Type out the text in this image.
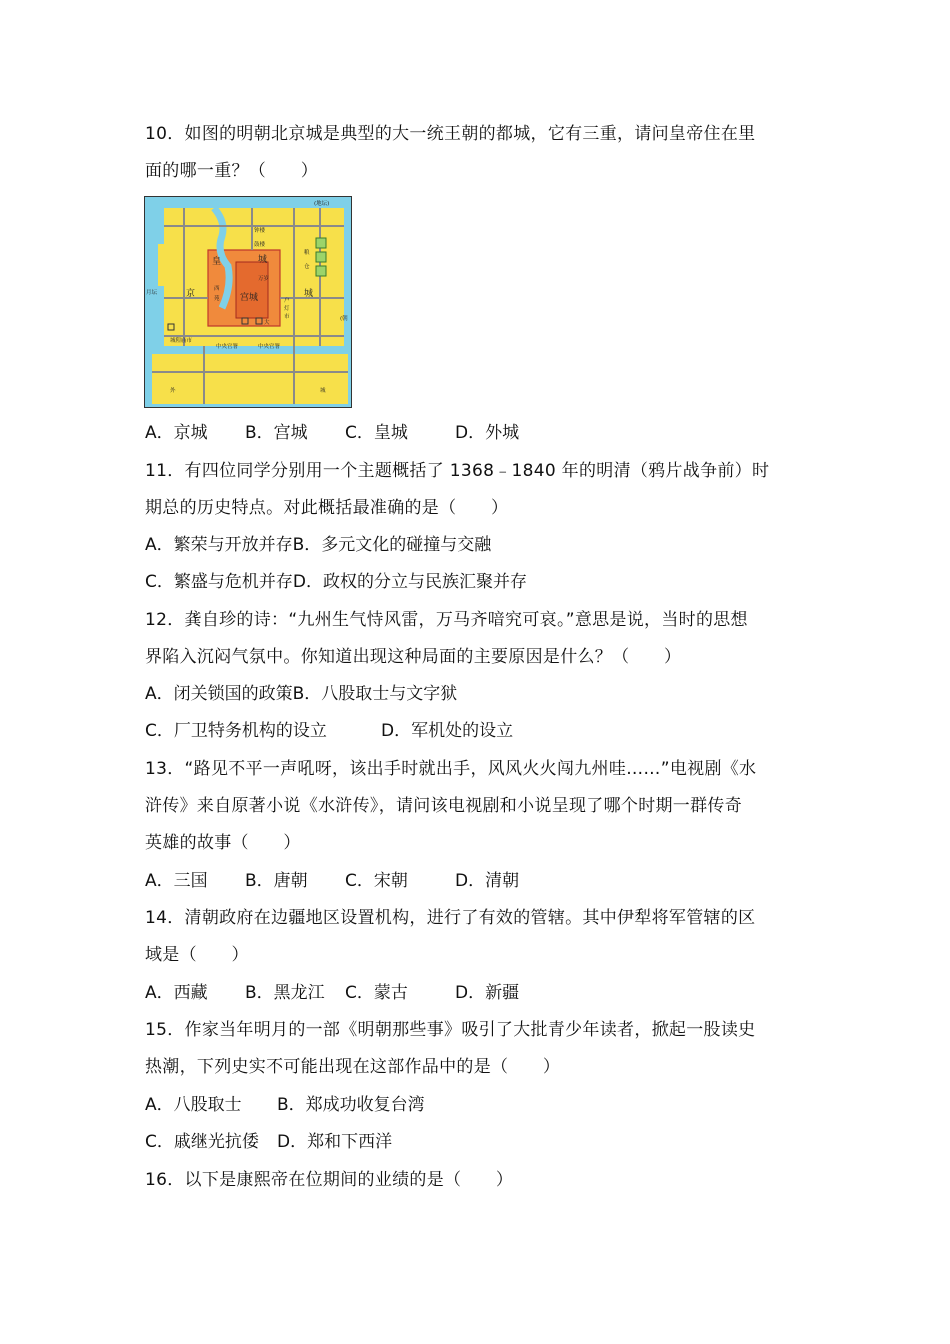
10．如图的明朝北京城是典型的大一统王朝的都城，它有三重，请问皇帝住在里
面的哪一重？（　　）
(地坛)
钟楼
鼓楼
粮
仓
皇	城
京	城
西
苑 宫城
万岁
月坛
户
灯
市	(朝
大
城隍庙市
中央官署	中央官署
外	城
A．京城 B．宫城 C．皇城	D．外城
11．有四位同学分别用一个主题概括了 1368﹣1840 年的明清（鸦片战争前）时
期总的历史特点。对此概括最准确的是（　　）
A．繁荣与开放并存B．多元文化的碰撞与交融
C．繁盛与危机并存D．政权的分立与民族汇聚并存
12．龚自珍的诗：“九州生气恃风雷，万马齐喑究可哀。”意思是说，当时的思想
界陷入沉闷气氛中。你知道出现这种局面的主要原因是什么？（　　）
A．闭关锁国的政策B．八股取士与文字狱
C．厂卫特务机构的设立	D．军机处的设立
13．“路见不平一声吼呀，该出手时就出手，风风火火闯九州哇……”电视剧《水
浒传》来自原著小说《水浒传》，请问该电视剧和小说呈现了哪个时期一群传奇
英雄的故事（　　）
A．三国 B．唐朝 C．宋朝	D．清朝
14．清朝政府在边疆地区设置机构，进行了有效的管辖。其中伊犁将军管辖的区
域是（　　）
A．西藏 B．黑龙江 C．蒙古	D．新疆
15．作家当年明月的一部《明朝那些事》吸引了大批青少年读者，掀起一股读史
热潮，下列史实不可能出现在这部作品中的是（　　）
A．八股取士 B．郑成功收复台湾
C．戚继光抗倭 D．郑和下西洋
16．以下是康熙帝在位期间的业绩的是（　　）
